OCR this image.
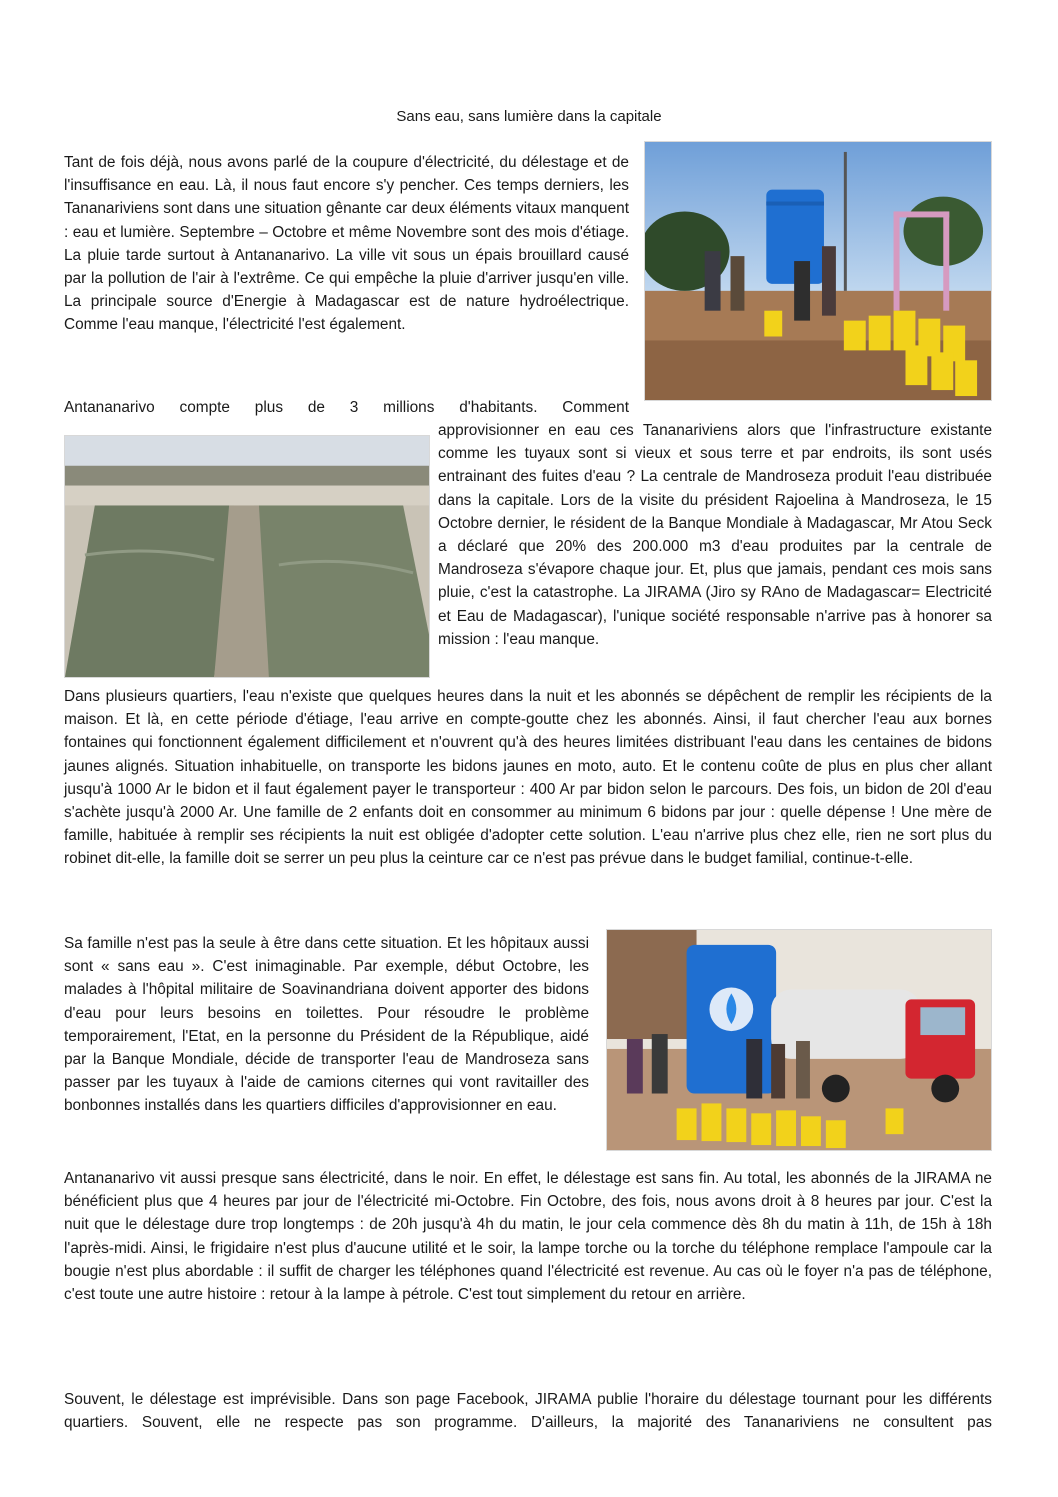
Sans eau, sans lumière dans la capitale

Tant de fois déjà, nous avons parlé de la coupure d'électricité, du délestage et de l'insuffisance en eau. Là, il nous faut encore s'y pencher. Ces temps derniers, les Tananariviens sont dans une situation gênante car deux éléments vitaux manquent : eau et lumière. Septembre – Octobre et même Novembre sont des mois d'étiage. La pluie tarde surtout à Antananarivo. La ville vit sous un épais brouillard causé par la pollution de l'air à l'extrême. Ce qui empêche la pluie d'arriver jusqu'en ville. La principale source d'Energie à Madagascar est de nature hydroélectrique. Comme l'eau manque, l'électricité l'est également.

Antananarivo compte plus de 3 millions d'habitants. Comment

approvisionner en eau ces Tananariviens alors que l'infrastructure existante comme les tuyaux sont si vieux et sous terre et par endroits, ils sont usés entrainant des fuites d'eau ? La centrale de Mandroseza produit l'eau distribuée dans la capitale. Lors de la visite du président Rajoelina à Mandroseza, le 15 Octobre dernier, le résident de la Banque Mondiale à Madagascar, Mr Atou Seck a déclaré que 20% des 200.000 m3 d'eau produites par la centrale de Mandroseza s'évapore chaque jour. Et, plus que jamais, pendant ces mois sans pluie, c'est la catastrophe. La JIRAMA (Jiro sy RAno de Madagascar= Electricité et Eau de Madagascar), l'unique société responsable n'arrive pas à honorer sa mission : l'eau manque.

Dans plusieurs quartiers, l'eau n'existe que quelques heures dans la nuit et les abonnés se dépêchent de remplir les récipients de la maison. Et là, en cette période d'étiage, l'eau arrive en compte-goutte chez les abonnés. Ainsi, il faut chercher l'eau aux bornes fontaines qui fonctionnent également difficilement et n'ouvrent qu'à des heures limitées distribuant l'eau dans les centaines de bidons jaunes alignés. Situation inhabituelle, on transporte les bidons jaunes en moto, auto. Et le contenu coûte de plus en plus cher allant jusqu'à 1000 Ar le bidon et il faut également payer le transporteur : 400 Ar par bidon selon le parcours. Des fois, un bidon de 20l d'eau s'achète jusqu'à 2000 Ar. Une famille de 2 enfants doit en consommer au minimum 6 bidons par jour : quelle dépense ! Une mère de famille, habituée à remplir ses récipients la nuit est obligée d'adopter cette solution. L'eau n'arrive plus chez elle, rien ne sort plus du robinet dit-elle, la famille doit se serrer un peu plus la ceinture car ce n'est pas prévue dans le budget familial, continue-t-elle.

Sa famille n'est pas la seule à être dans cette situation. Et les hôpitaux aussi sont « sans eau ». C'est inimaginable. Par exemple, début Octobre, les malades à l'hôpital militaire de Soavinandriana doivent apporter des bidons d'eau pour leurs besoins en toilettes. Pour résoudre le problème temporairement, l'Etat, en la personne du Président de la République, aidé par la Banque Mondiale, décide de transporter l'eau de Mandroseza sans passer par les tuyaux à l'aide de camions citernes qui vont ravitailler des bonbonnes installés dans les quartiers difficiles d'approvisionner en eau.

Antananarivo vit aussi presque sans électricité, dans le noir. En effet, le délestage est sans fin. Au total, les abonnés de la JIRAMA ne bénéficient plus que 4 heures par jour de l'électricité mi-Octobre. Fin Octobre, des fois, nous avons droit à 8 heures par jour. C'est la nuit que le délestage dure trop longtemps : de 20h jusqu'à 4h du matin, le jour cela commence dès 8h du matin à 11h, de 15h à 18h l'après-midi. Ainsi, le frigidaire n'est plus d'aucune utilité et le soir, la lampe torche ou la torche du téléphone remplace l'ampoule car la bougie n'est plus abordable : il suffit de charger les téléphones quand l'électricité est revenue. Au cas où le foyer n'a pas de téléphone, c'est toute une autre histoire : retour à la lampe à pétrole. C'est tout simplement du retour en arrière.

Souvent, le délestage est imprévisible. Dans son page Facebook, JIRAMA publie l'horaire du délestage tournant pour les différents quartiers. Souvent, elle ne respecte pas son programme. D'ailleurs, la majorité des Tananariviens ne consultent pas
